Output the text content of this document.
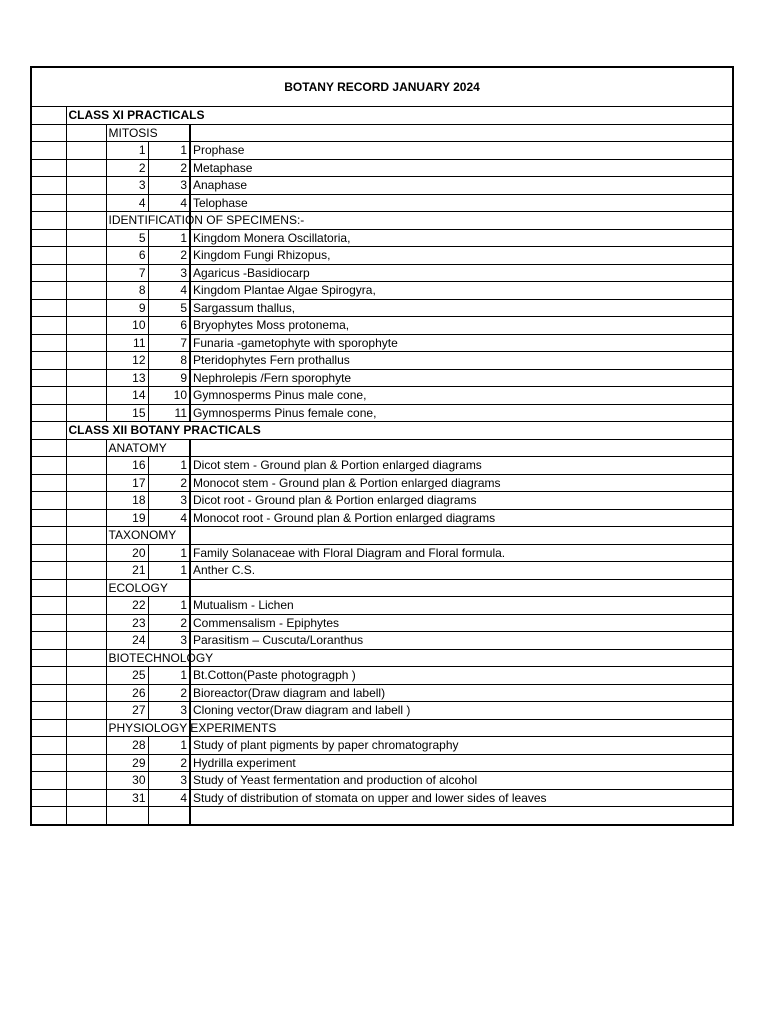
BOTANY RECORD JANUARY 2024
	CLASS XI PRACTICALS			
		MITOSIS		
		1	1	Prophase
		2	2	Metaphase
		3	3	Anaphase
		4	4	Telophase
		IDENTIFICATION OF SPECIMENS:-		
		5	1	Kingdom Monera Oscillatoria,
		6	2	Kingdom Fungi Rhizopus,
		7	3	Agaricus -Basidiocarp
		8	4	Kingdom Plantae Algae Spirogyra,
		9	5	Sargassum thallus,
		10	6	Bryophytes Moss protonema,
		11	7	Funaria -gametophyte with sporophyte
		12	8	Pteridophytes Fern prothallus
		13	9	Nephrolepis /Fern sporophyte
		14	10	Gymnosperms Pinus male cone,
		15	11	Gymnosperms Pinus female cone,
	CLASS XII BOTANY PRACTICALS			
		ANATOMY		
		16	1	Dicot stem - Ground plan & Portion enlarged diagrams
		17	2	Monocot stem - Ground plan & Portion enlarged diagrams
		18	3	Dicot root - Ground plan & Portion enlarged diagrams
		19	4	Monocot root - Ground plan & Portion enlarged diagrams
		TAXONOMY		
		20	1	Family Solanaceae with Floral Diagram and Floral formula.
		21	1	Anther C.S.
		ECOLOGY		
		22	1	Mutualism - Lichen
		23	2	Commensalism - Epiphytes
		24	3	Parasitism – Cuscuta/Loranthus
		BIOTECHNOLOGY		
		25	1	Bt.Cotton(Paste photogragph )
		26	2	Bioreactor(Draw diagram and labell)
		27	3	Cloning vector(Draw diagram and labell )
		PHYSIOLOGY EXPERIMENTS		
		28	1	Study of plant pigments by paper chromatography
		29	2	Hydrilla experiment
		30	3	Study of Yeast fermentation and production of alcohol
		31	4	Study of distribution of stomata on upper and lower sides of leaves
